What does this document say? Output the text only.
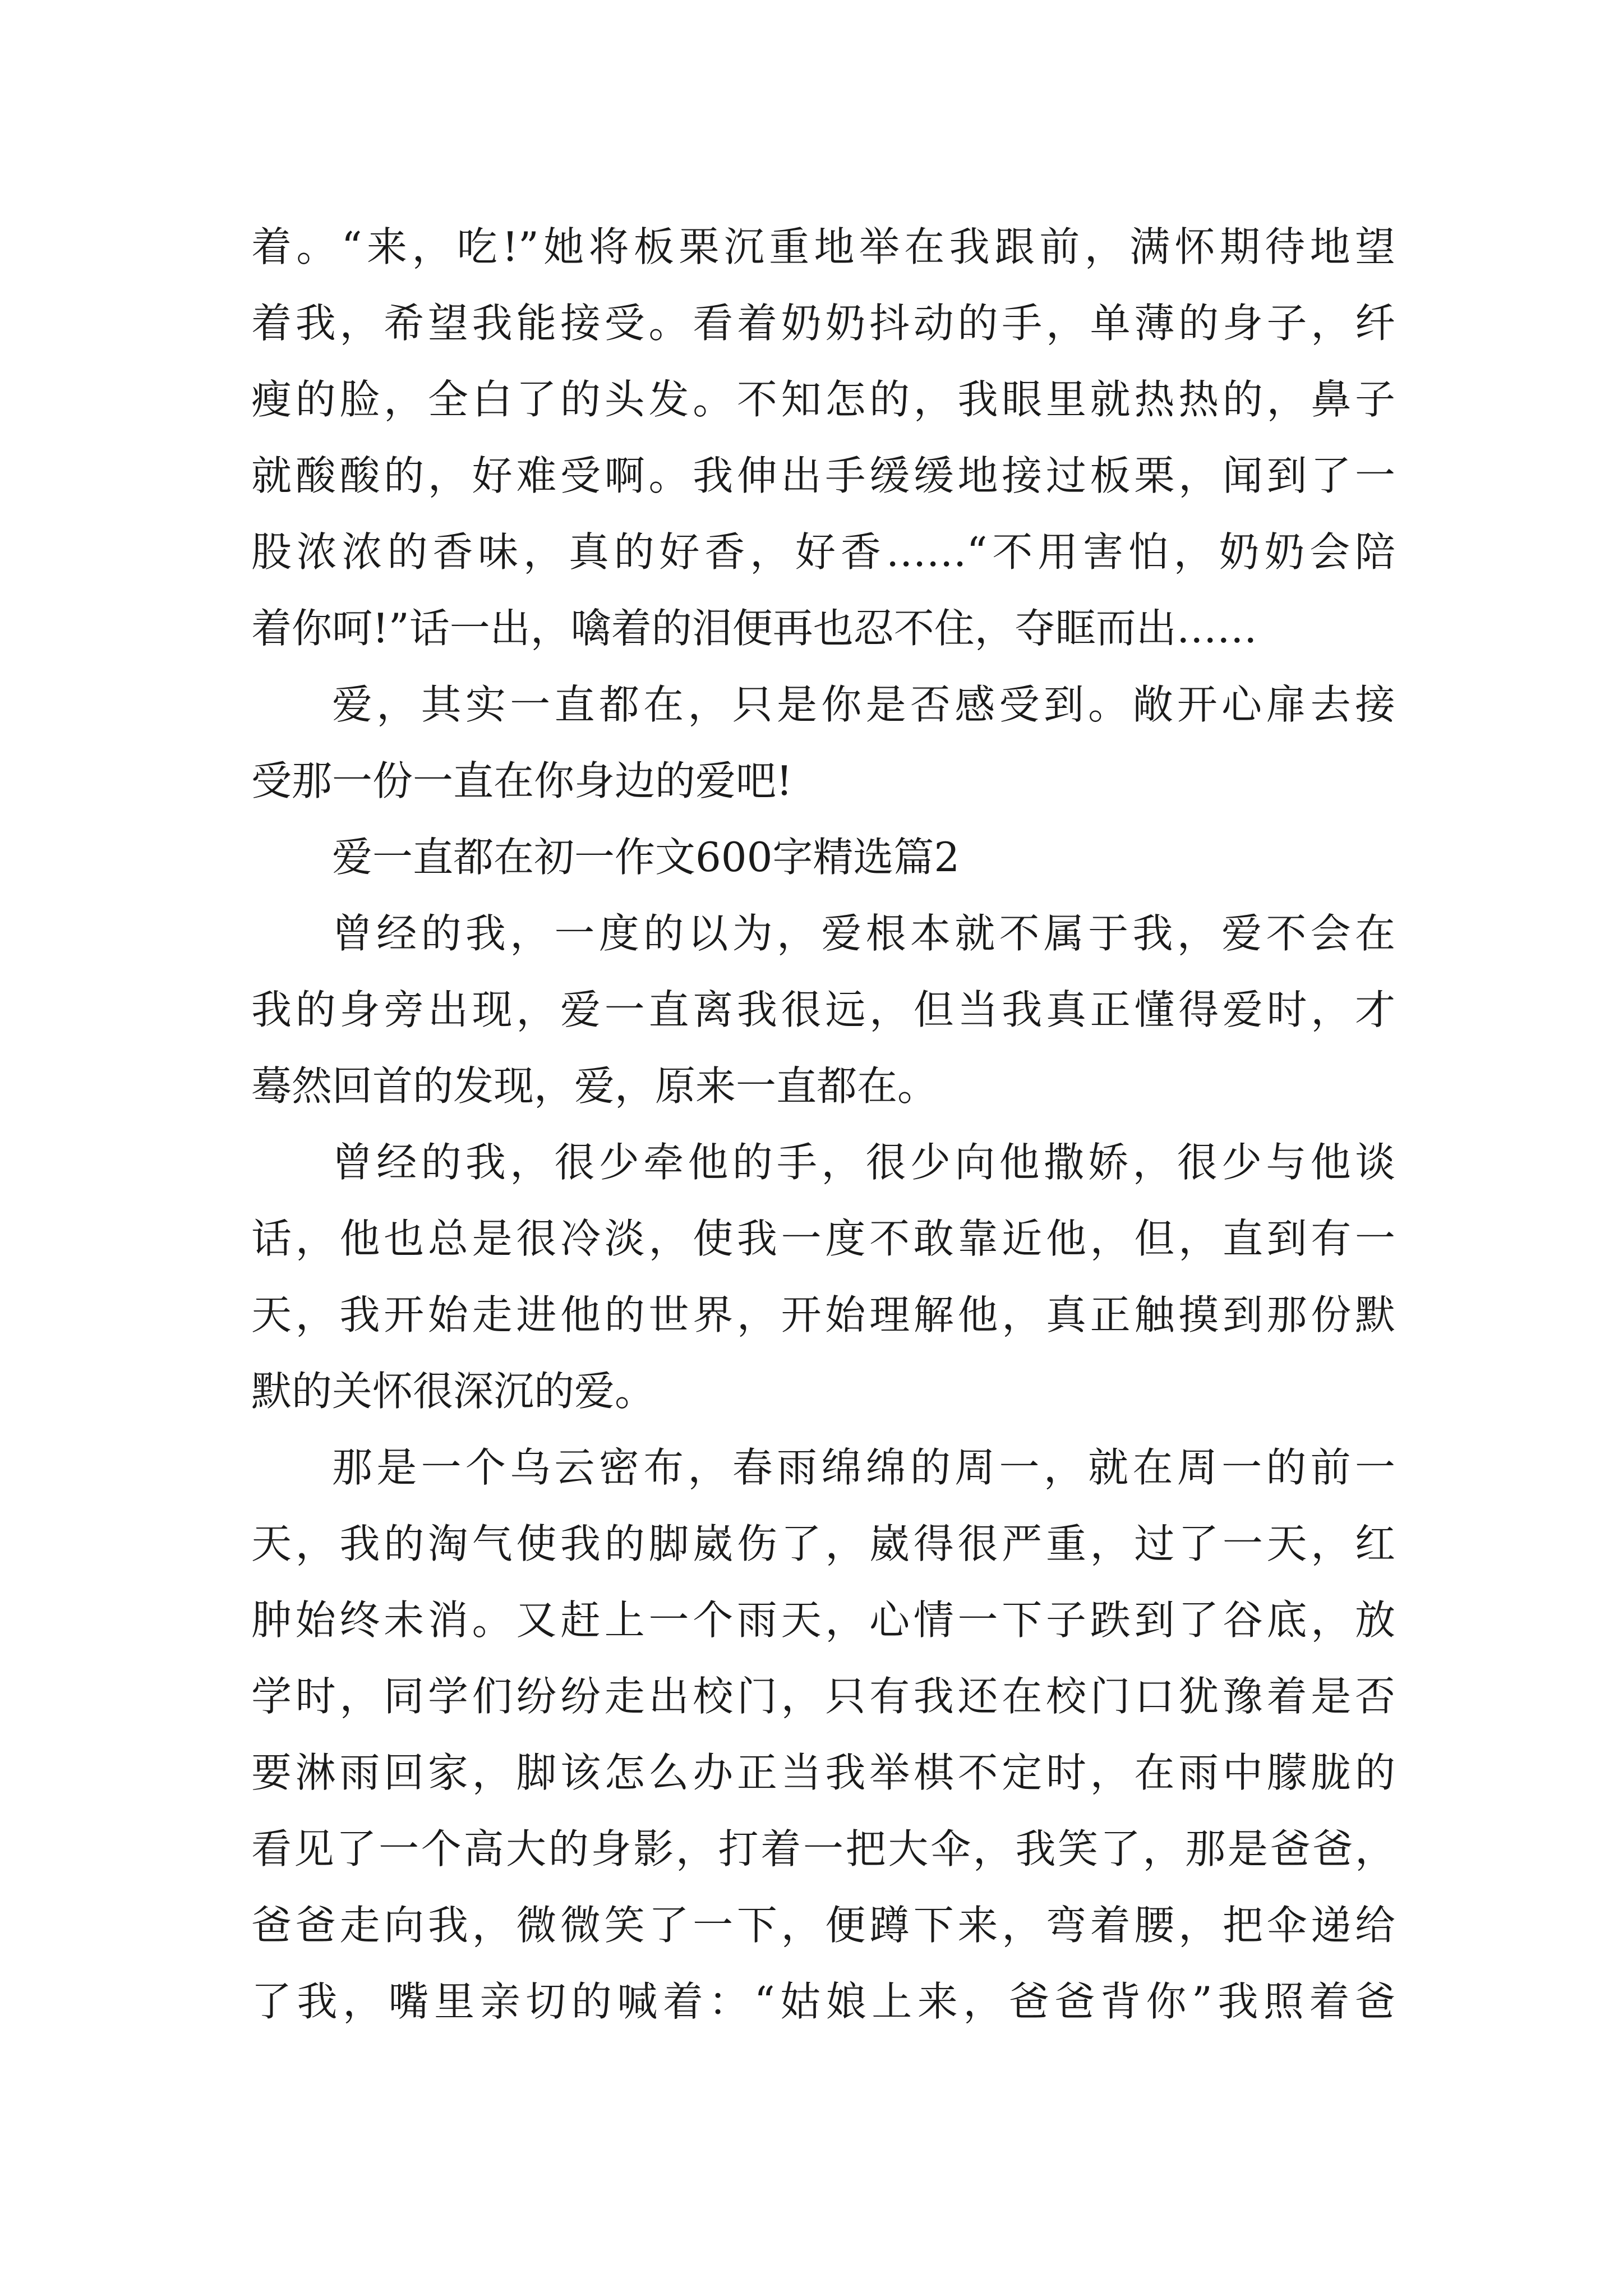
着。“来，吃!”她将板栗沉重地举在我跟前，满怀期待地望
着我，希望我能接受。看着奶奶抖动的手，单薄的身子，纤
瘦的脸，全白了的头发。不知怎的，我眼里就热热的，鼻子
就酸酸的，好难受啊。我伸出手缓缓地接过板栗，闻到了一
股浓浓的香味，真的好香，好香……“不用害怕，奶奶会陪
着你呵!”话一出，噙着的泪便再也忍不住，夺眶而出……
爱，其实一直都在，只是你是否感受到。敞开心扉去接
受那一份一直在你身边的爱吧!
爱一直都在初一作文600字精选篇2
曾经的我，一度的以为，爱根本就不属于我，爱不会在
我的身旁出现，爱一直离我很远，但当我真正懂得爱时，才
蓦然回首的发现，爱，原来一直都在。
曾经的我，很少牵他的手，很少向他撒娇，很少与他谈
话，他也总是很冷淡，使我一度不敢靠近他，但，直到有一
天，我开始走进他的世界，开始理解他，真正触摸到那份默
默的关怀很深沉的爱。
那是一个乌云密布，春雨绵绵的周一，就在周一的前一
天，我的淘气使我的脚崴伤了，崴得很严重，过了一天，红
肿始终未消。又赶上一个雨天，心情一下子跌到了谷底，放
学时，同学们纷纷走出校门，只有我还在校门口犹豫着是否
要淋雨回家，脚该怎么办正当我举棋不定时，在雨中朦胧的
看见了一个高大的身影，打着一把大伞，我笑了，那是爸爸，
爸爸走向我，微微笑了一下，便蹲下来，弯着腰，把伞递给
了我，嘴里亲切的喊着：“姑娘上来，爸爸背你”我照着爸
